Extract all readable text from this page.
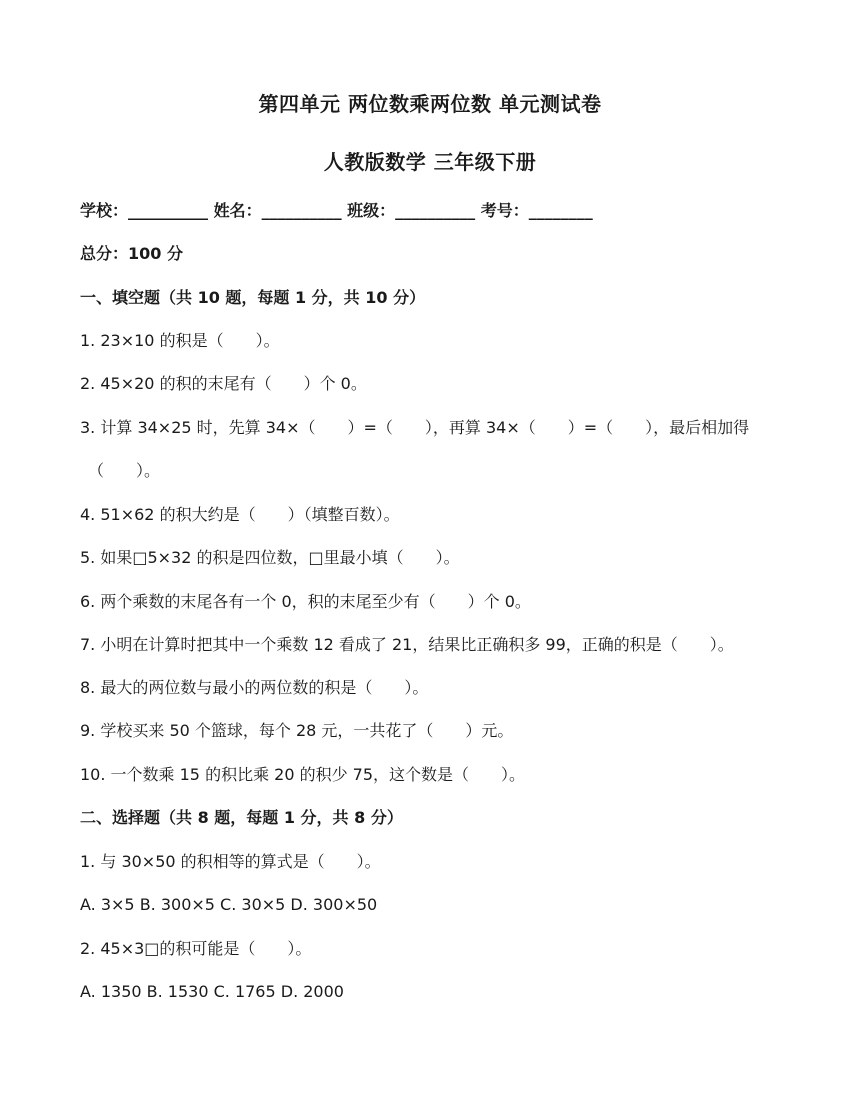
第四单元 两位数乘两位数 单元测试卷
人教版数学 三年级下册
学校：__________ 姓名：__________ 班级：__________ 考号：________
总分：100 分
一、填空题（共 10 题，每题 1 分，共 10 分）
1. 23×10 的积是（　　）。
2. 45×20 的积的末尾有（　　）个 0。
3. 计算 34×25 时，先算 34×（　　）=（　　），再算 34×（　　）=（　　），最后相加得
（　　）。
4. 51×62 的积大约是（　　）（填整百数）。
5. 如果□5×32 的积是四位数，□里最小填（　　）。
6. 两个乘数的末尾各有一个 0，积的末尾至少有（　　）个 0。
7. 小明在计算时把其中一个乘数 12 看成了 21，结果比正确积多 99，正确的积是（　　）。
8. 最大的两位数与最小的两位数的积是（　　）。
9. 学校买来 50 个篮球，每个 28 元，一共花了（　　）元。
10. 一个数乘 15 的积比乘 20 的积少 75，这个数是（　　）。
二、选择题（共 8 题，每题 1 分，共 8 分）
1. 与 30×50 的积相等的算式是（　　）。
A. 3×5 B. 300×5 C. 30×5 D. 300×50
2. 45×3□的积可能是（　　）。
A. 1350 B. 1530 C. 1765 D. 2000
